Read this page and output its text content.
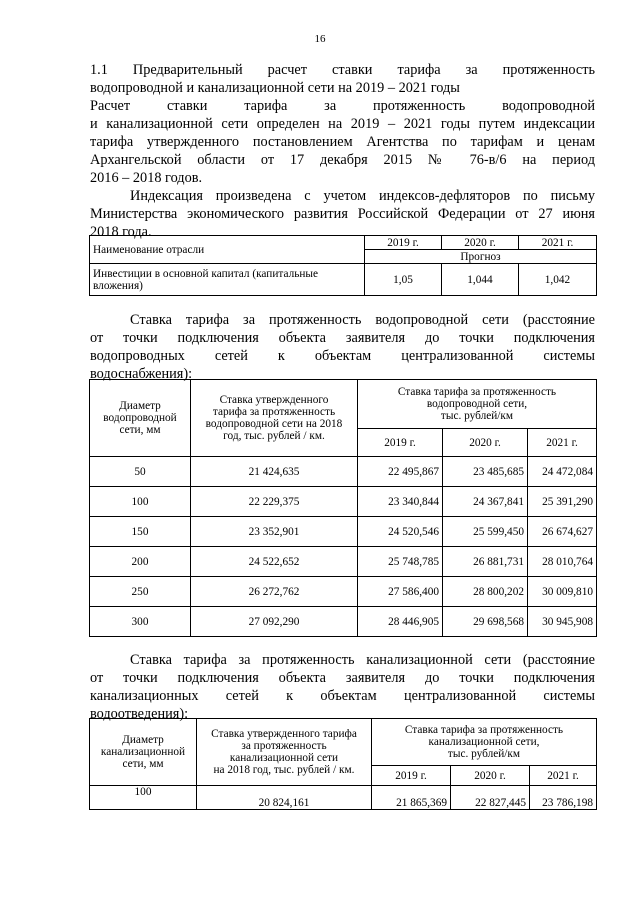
16
1.1 Предварительный расчет ставки тарифа за протяженность
водопроводной и канализационной сети на 2019 – 2021 годы
Расчет ставки тарифа за протяженность водопроводной
и канализационной сети определен на 2019 – 2021 годы путем индексации
тарифа утвержденного постановлением Агентства по тарифам и ценам
Архангельской области от 17 декабря 2015 № 76-в/6 на период
2016 – 2018 годов.
Индексация произведена с учетом индексов-дефляторов по письму
Министерства экономического развития Российской Федерации от 27 июня
2018 года.
Наименование отрасли	2019 г.	2020 г.	2021 г.
	Прогноз		
Инвестиции в основной капитал (капитальные
вложения)	1,05	1,044	1,042
Ставка тарифа за протяженность водопроводной сети (расстояние
от точки подключения объекта заявителя до точки подключения
водопроводных сетей к объектам централизованной системы
водоснабжения):
Диаметр
водопроводной
сети, мм	Ставка утвержденного
тарифа за протяженность
водопроводной сети на 2018
год, тыс. рублей / км.	Ставка тарифа за протяженность
водопроводной сети,
тыс. рублей/км		
		2019 г.	2020 г.	2021 г.
50	21 424,635	22 495,867	23 485,685	24 472,084
100	22 229,375	23 340,844	24 367,841	25 391,290
150	23 352,901	24 520,546	25 599,450	26 674,627
200	24 522,652	25 748,785	26 881,731	28 010,764
250	26 272,762	27 586,400	28 800,202	30 009,810
300	27 092,290	28 446,905	29 698,568	30 945,908
Ставка тарифа за протяженность канализационной сети (расстояние
от точки подключения объекта заявителя до точки подключения
канализационных сетей к объектам централизованной системы
водоотведения):
Диаметр
канализационной
сети, мм	Ставка утвержденного тарифа
за протяженность
канализационной сети
на 2018 год, тыс. рублей / км.	Ставка тарифа за протяженность
канализационной сети,
тыс. рублей/км		
		2019 г.	2020 г.	2021 г.
100	20 824,161	21 865,369	22 827,445	23 786,198
